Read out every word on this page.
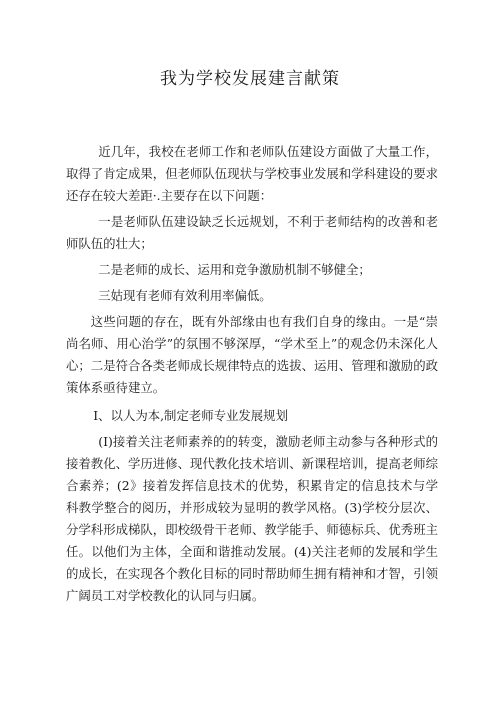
我为学校发展建言献策

近几年，我校在老师工作和老师队伍建设方面做了大量工作，取得了肯定成果，但老师队伍现状与学校事业发展和学科建设的要求还存在较大差距·.主要存在以下问题：

一是老师队伍建设缺乏长远规划，不利于老师结构的改善和老师队伍的壮大；

二是老师的成长、运用和竞争激励机制不够健全；

三姑现有老师有效利用率偏低。

这些问题的存在，既有外部缘由也有我们自身的缘由。一是“崇尚名师、用心治学”的氛围不够深厚，“学术至上”的观念仍未深化人心；二是符合各类老师成长规律特点的选拔、运用、管理和激励的政策体系亟待建立。

Ⅰ、以人为本,制定老师专业发展规划

(I)接着关注老师素养的的转变，激励老师主动参与各种形式的接着教化、学历进修、现代教化技术培训、新课程培训，提高老师综合素养；(2》接着发挥信息技术的优势，积累肯定的信息技术与学科教学整合的阅历，并形成较为显明的教学风格。(3)学校分层次、分学科形成梯队，即校级骨干老师、教学能手、师德标兵、优秀班主任。以他们为主体，全面和谐推动发展。(4)关注老师的发展和学生的成长，在实现各个教化目标的同时帮助师生拥有精神和才智，引领广阔员工对学校教化的认同与归属。
